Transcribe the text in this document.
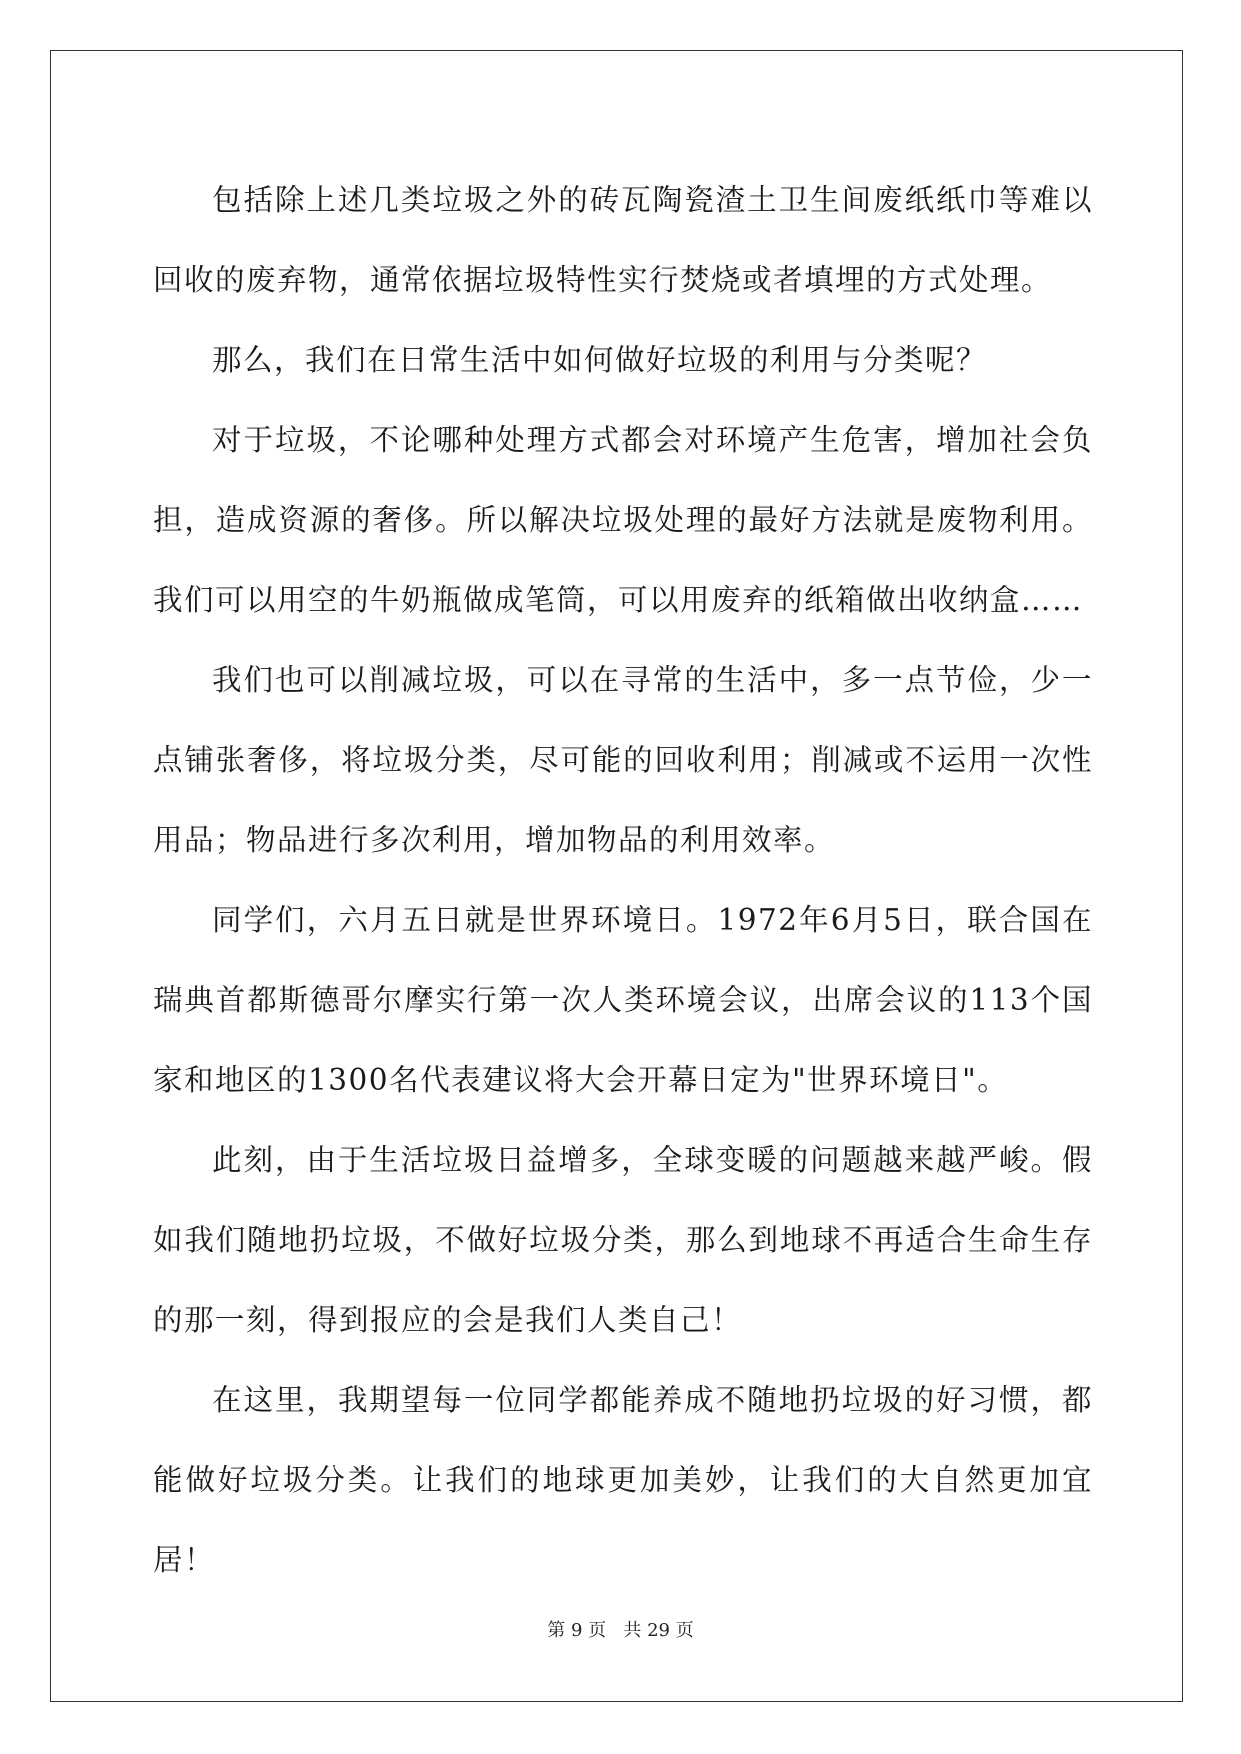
包括除上述几类垃圾之外的砖瓦陶瓷渣土卫生间废纸纸巾等难以回收的废弃物，通常依据垃圾特性实行焚烧或者填埋的方式处理。

那么，我们在日常生活中如何做好垃圾的利用与分类呢？

对于垃圾，不论哪种处理方式都会对环境产生危害，增加社会负担，造成资源的奢侈。所以解决垃圾处理的最好方法就是废物利用。我们可以用空的牛奶瓶做成笔筒，可以用废弃的纸箱做出收纳盒……

我们也可以削减垃圾，可以在寻常的生活中，多一点节俭，少一点铺张奢侈，将垃圾分类，尽可能的回收利用；削减或不运用一次性用品；物品进行多次利用，增加物品的利用效率。

同学们，六月五日就是世界环境日。1972年6月5日，联合国在瑞典首都斯德哥尔摩实行第一次人类环境会议，出席会议的113个国家和地区的1300名代表建议将大会开幕日定为"世界环境日"。

此刻，由于生活垃圾日益增多，全球变暖的问题越来越严峻。假如我们随地扔垃圾，不做好垃圾分类，那么到地球不再适合生命生存的那一刻，得到报应的会是我们人类自己！

在这里，我期望每一位同学都能养成不随地扔垃圾的好习惯，都能做好垃圾分类。让我们的地球更加美妙，让我们的大自然更加宜居！

第 9 页 共 29 页
